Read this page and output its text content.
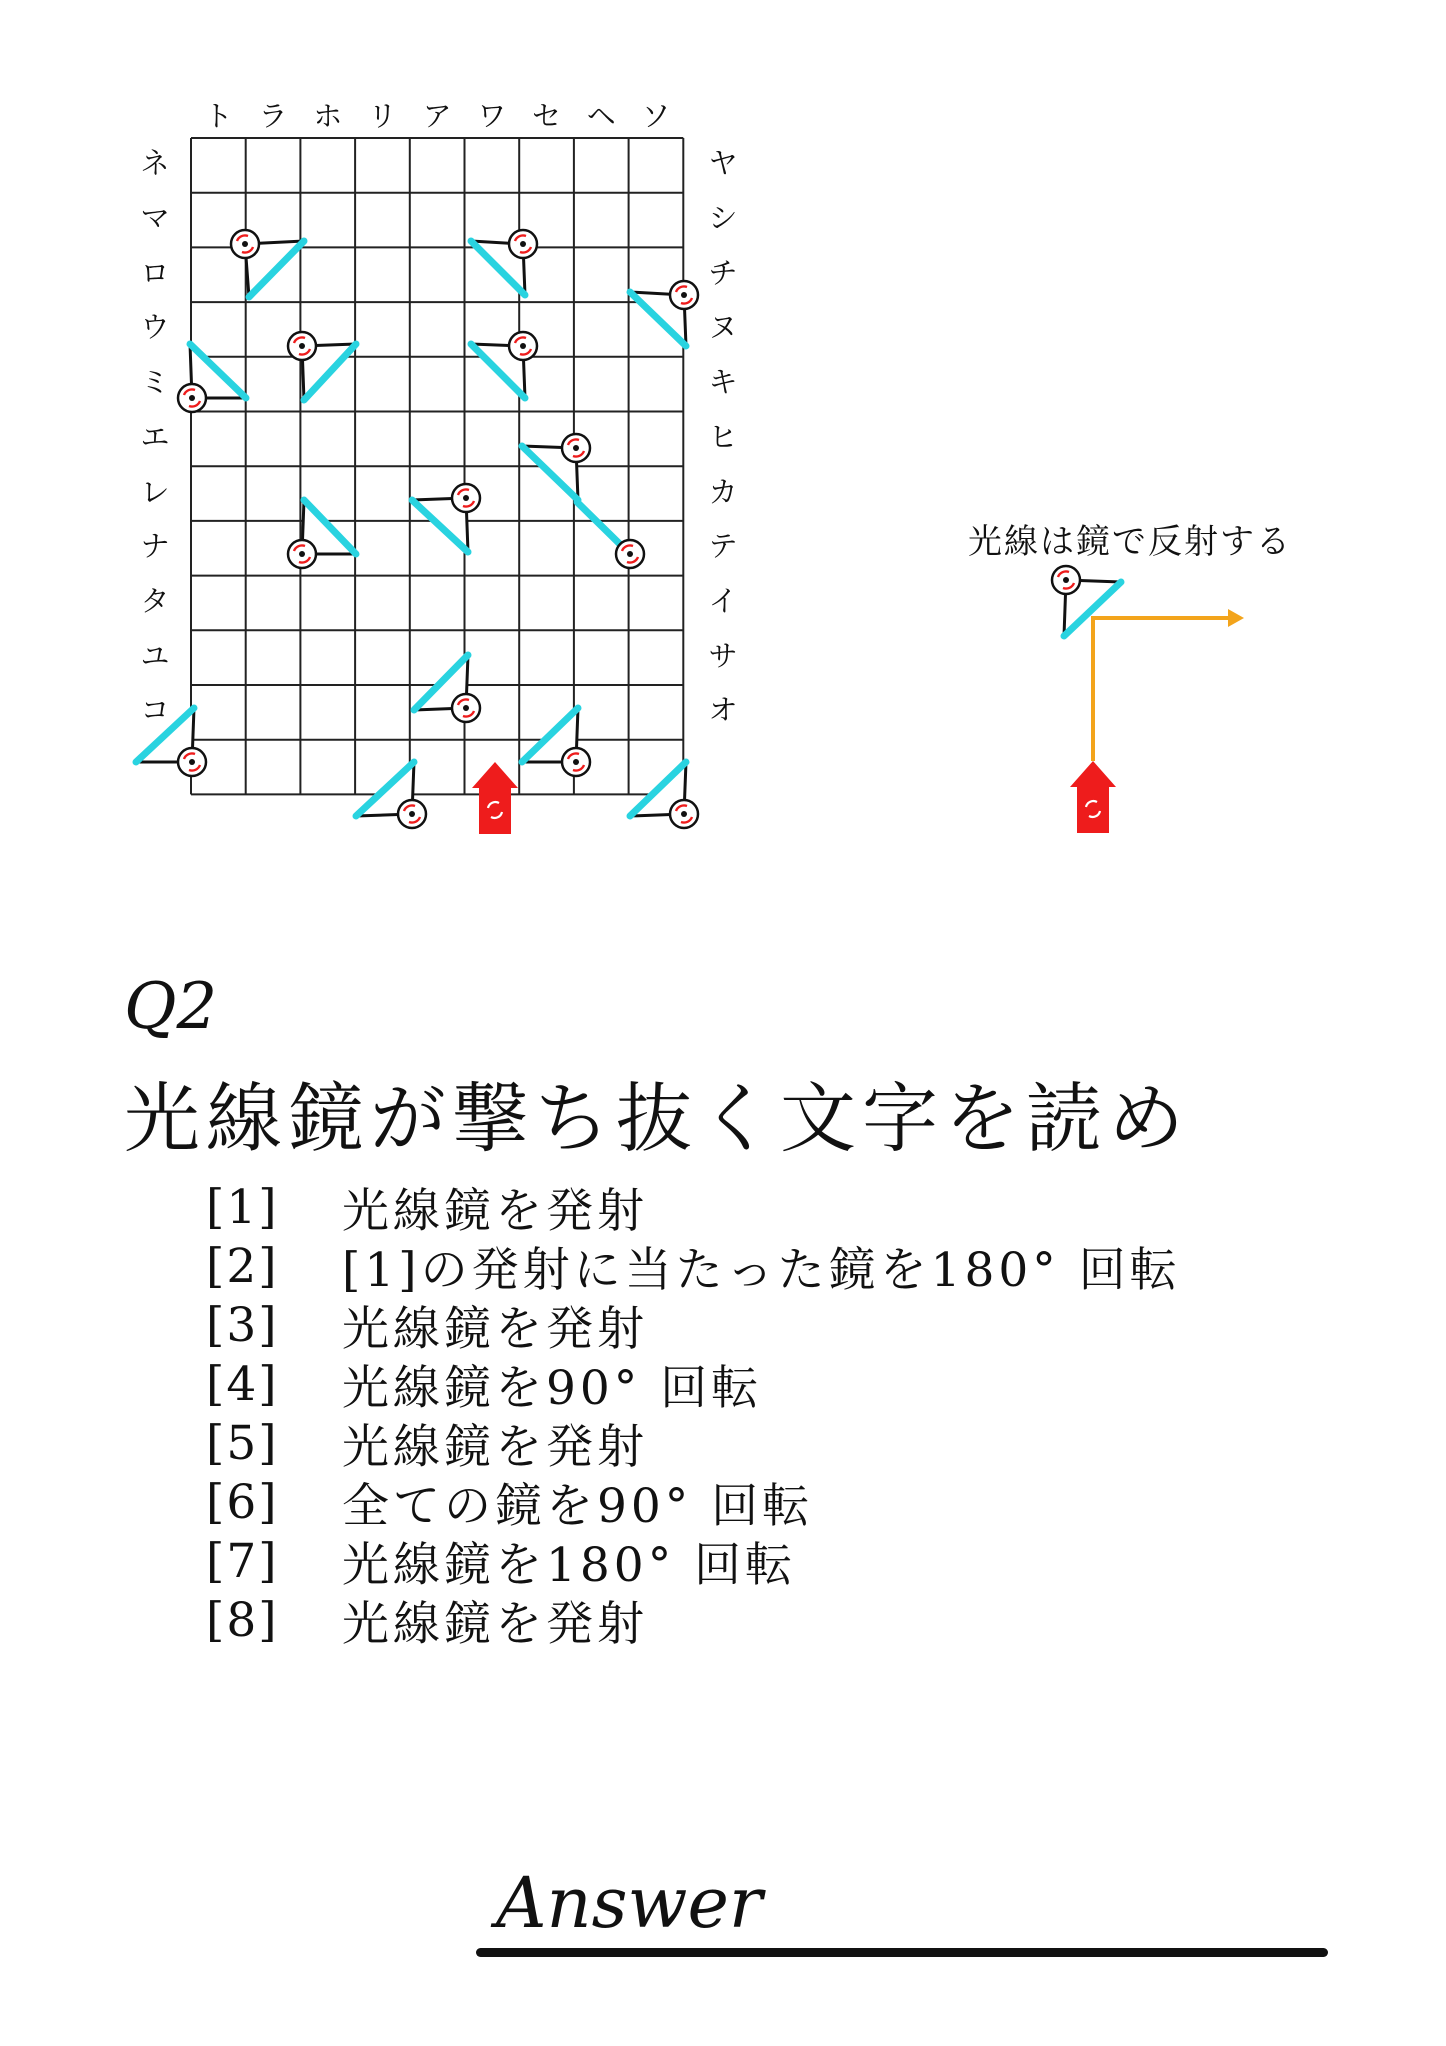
ト ラ ホ リ ア ワ セ ヘ ソ
ネ
マ
ロ
ウ
ミ
エ
レ
ナ
タ
ユ
コ
ヤ
シ
チ
ヌ
キ
ヒ
カ
テ
イ
サ
オ
光線は鏡で反射する
Q2
光線鏡が撃ち抜く文字を読め
[1]	光線鏡を発射
[2]	[1]の発射に当たった鏡を180° 回転
[3]	光線鏡を発射
[4]	光線鏡を90° 回転
[5]	光線鏡を発射
[6]	全ての鏡を90° 回転
[7]	光線鏡を180° 回転
[8]	光線鏡を発射
Answer
